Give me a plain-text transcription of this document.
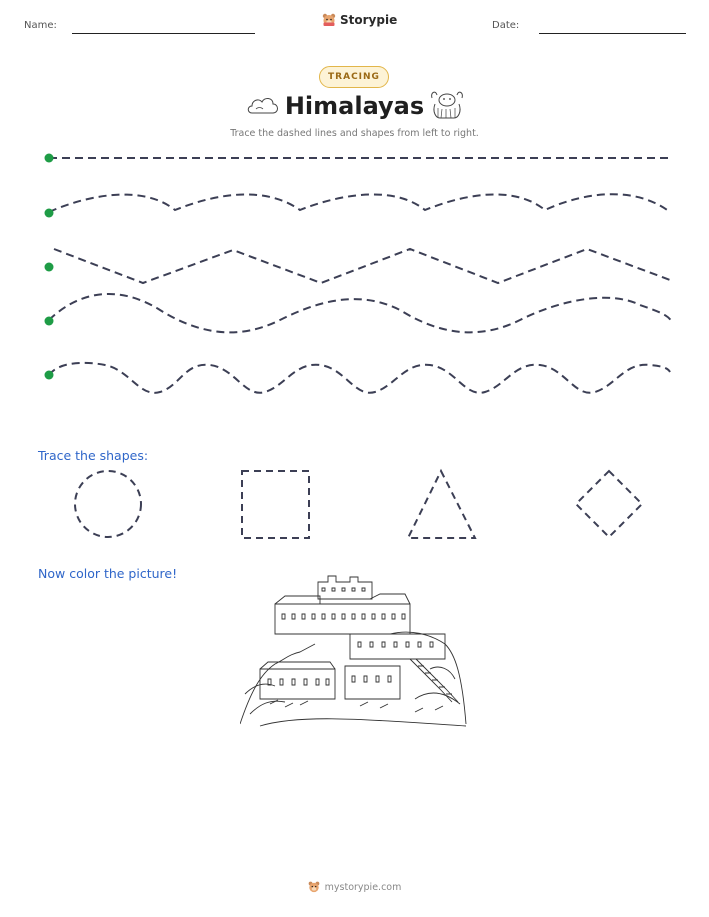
Name:	Storypie	Date:
TRACING
Himalayas
Trace the dashed lines and shapes from left to right.
Trace the shapes:
Now color the picture!
mystorypie.com
